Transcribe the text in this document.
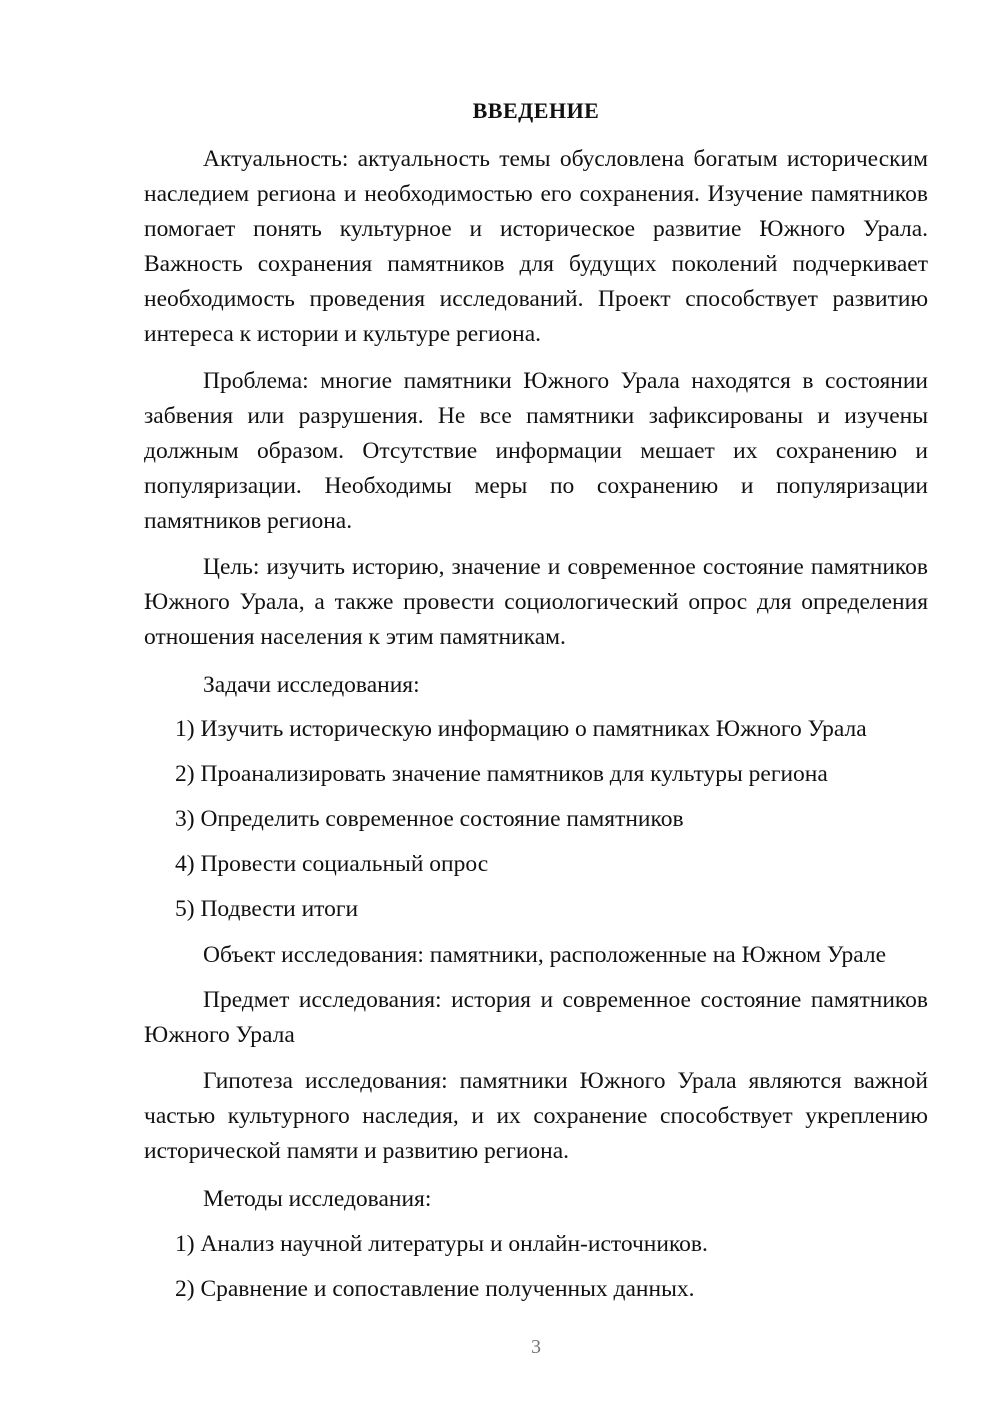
ВВЕДЕНИЕ

Актуальность: актуальность темы обусловлена богатым историческим наследием региона и необходимостью его сохранения. Изучение памятников помогает понять культурное и историческое развитие Южного Урала. Важность сохранения памятников для будущих поколений подчеркивает необходимость проведения исследований. Проект способствует развитию интереса к истории и культуре региона.

Проблема: многие памятники Южного Урала находятся в состоянии забвения или разрушения. Не все памятники зафиксированы и изучены должным образом. Отсутствие информации мешает их сохранению и популяризации. Необходимы меры по сохранению и популяризации памятников региона.

Цель: изучить историю, значение и современное состояние памятников Южного Урала, а также провести социологический опрос для определения отношения населения к этим памятникам.

Задачи исследования:

1) Изучить историческую информацию о памятниках Южного Урала

2) Проанализировать значение памятников для культуры региона

3) Определить современное состояние памятников

4) Провести социальный опрос

5) Подвести итоги

Объект исследования: памятники, расположенные на Южном Урале

Предмет исследования: история и современное состояние памятников Южного Урала

Гипотеза исследования: памятники Южного Урала являются важной частью культурного наследия, и их сохранение способствует укреплению исторической памяти и развитию региона.

Методы исследования:

1) Анализ научной литературы и онлайн-источников.

2) Сравнение и сопоставление полученных данных.

3
